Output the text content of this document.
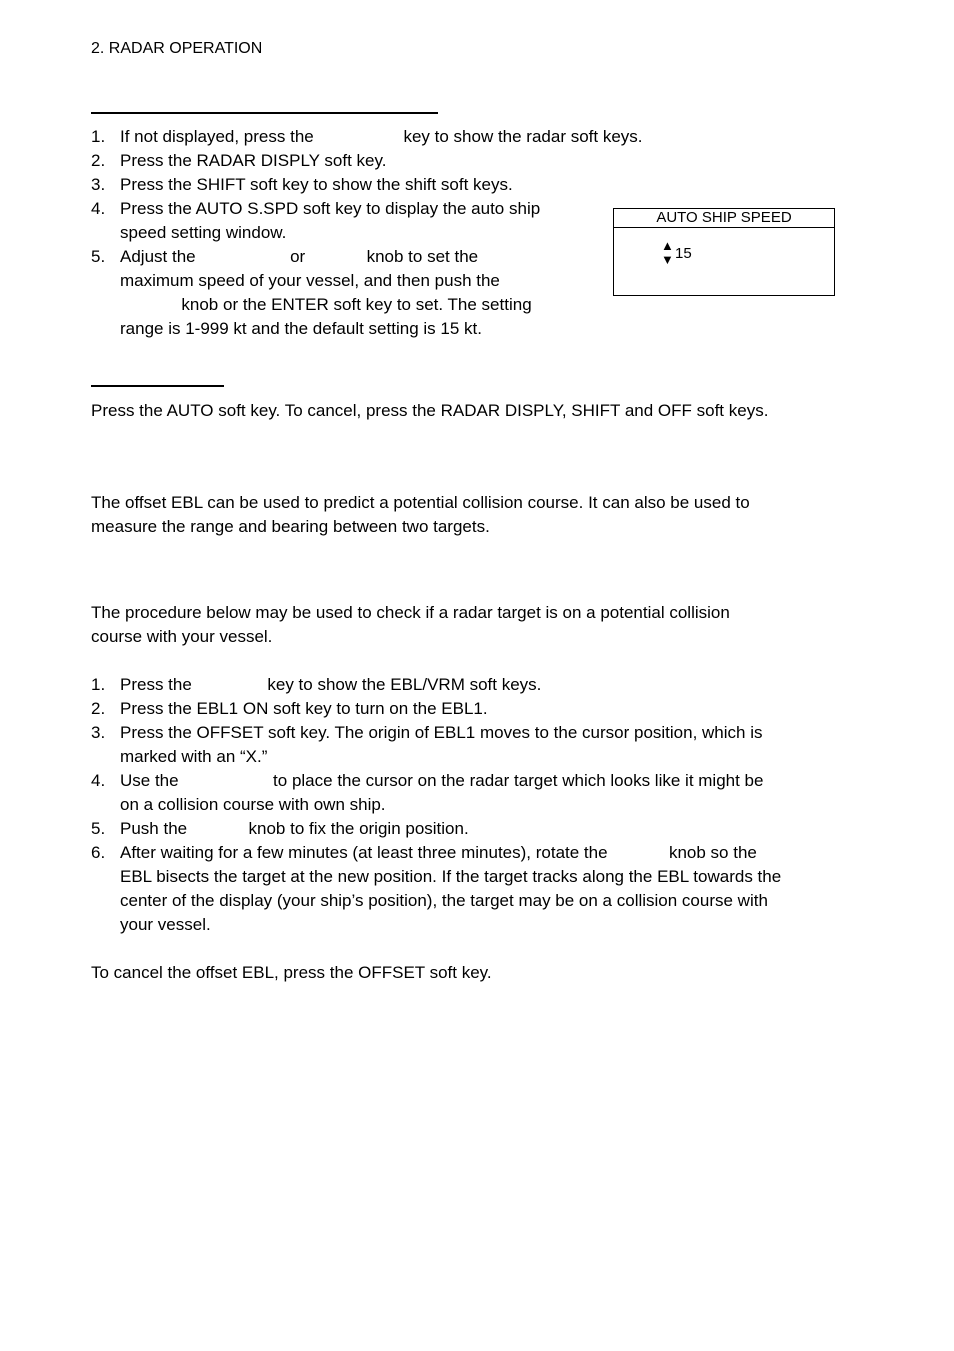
2. RADAR OPERATION
1. If not displayed, press the                   key to show the radar soft keys.
2. Press the RADAR DISPLY soft key.
3. Press the SHIFT soft key to show the shift soft keys.
4. Press the AUTO S.SPD soft key to display the auto ship
speed setting window.
5. Adjust the                    or             knob to set the
maximum speed of your vessel, and then push the
knob or the ENTER soft key to set. The setting
range is 1-999 kt and the default setting is 15 kt.
AUTO SHIP SPEED
▲
▼ 15
Press the AUTO soft key. To cancel, press the RADAR DISPLY, SHIFT and OFF soft keys.
The offset EBL can be used to predict a potential collision course. It can also be used to
measure the range and bearing between two targets.
The procedure below may be used to check if a radar target is on a potential collision
course with your vessel.
1. Press the                key to show the EBL/VRM soft keys.
2. Press the EBL1 ON soft key to turn on the EBL1.
3. Press the OFFSET soft key. The origin of EBL1 moves to the cursor position, which is
marked with an “X.”
4. Use the                    to place the cursor on the radar target which looks like it might be
on a collision course with own ship.
5. Push the             knob to fix the origin position.
6. After waiting for a few minutes (at least three minutes), rotate the             knob so the
EBL bisects the target at the new position. If the target tracks along the EBL towards the
center of the display (your ship’s position), the target may be on a collision course with
your vessel.
To cancel the offset EBL, press the OFFSET soft key.
